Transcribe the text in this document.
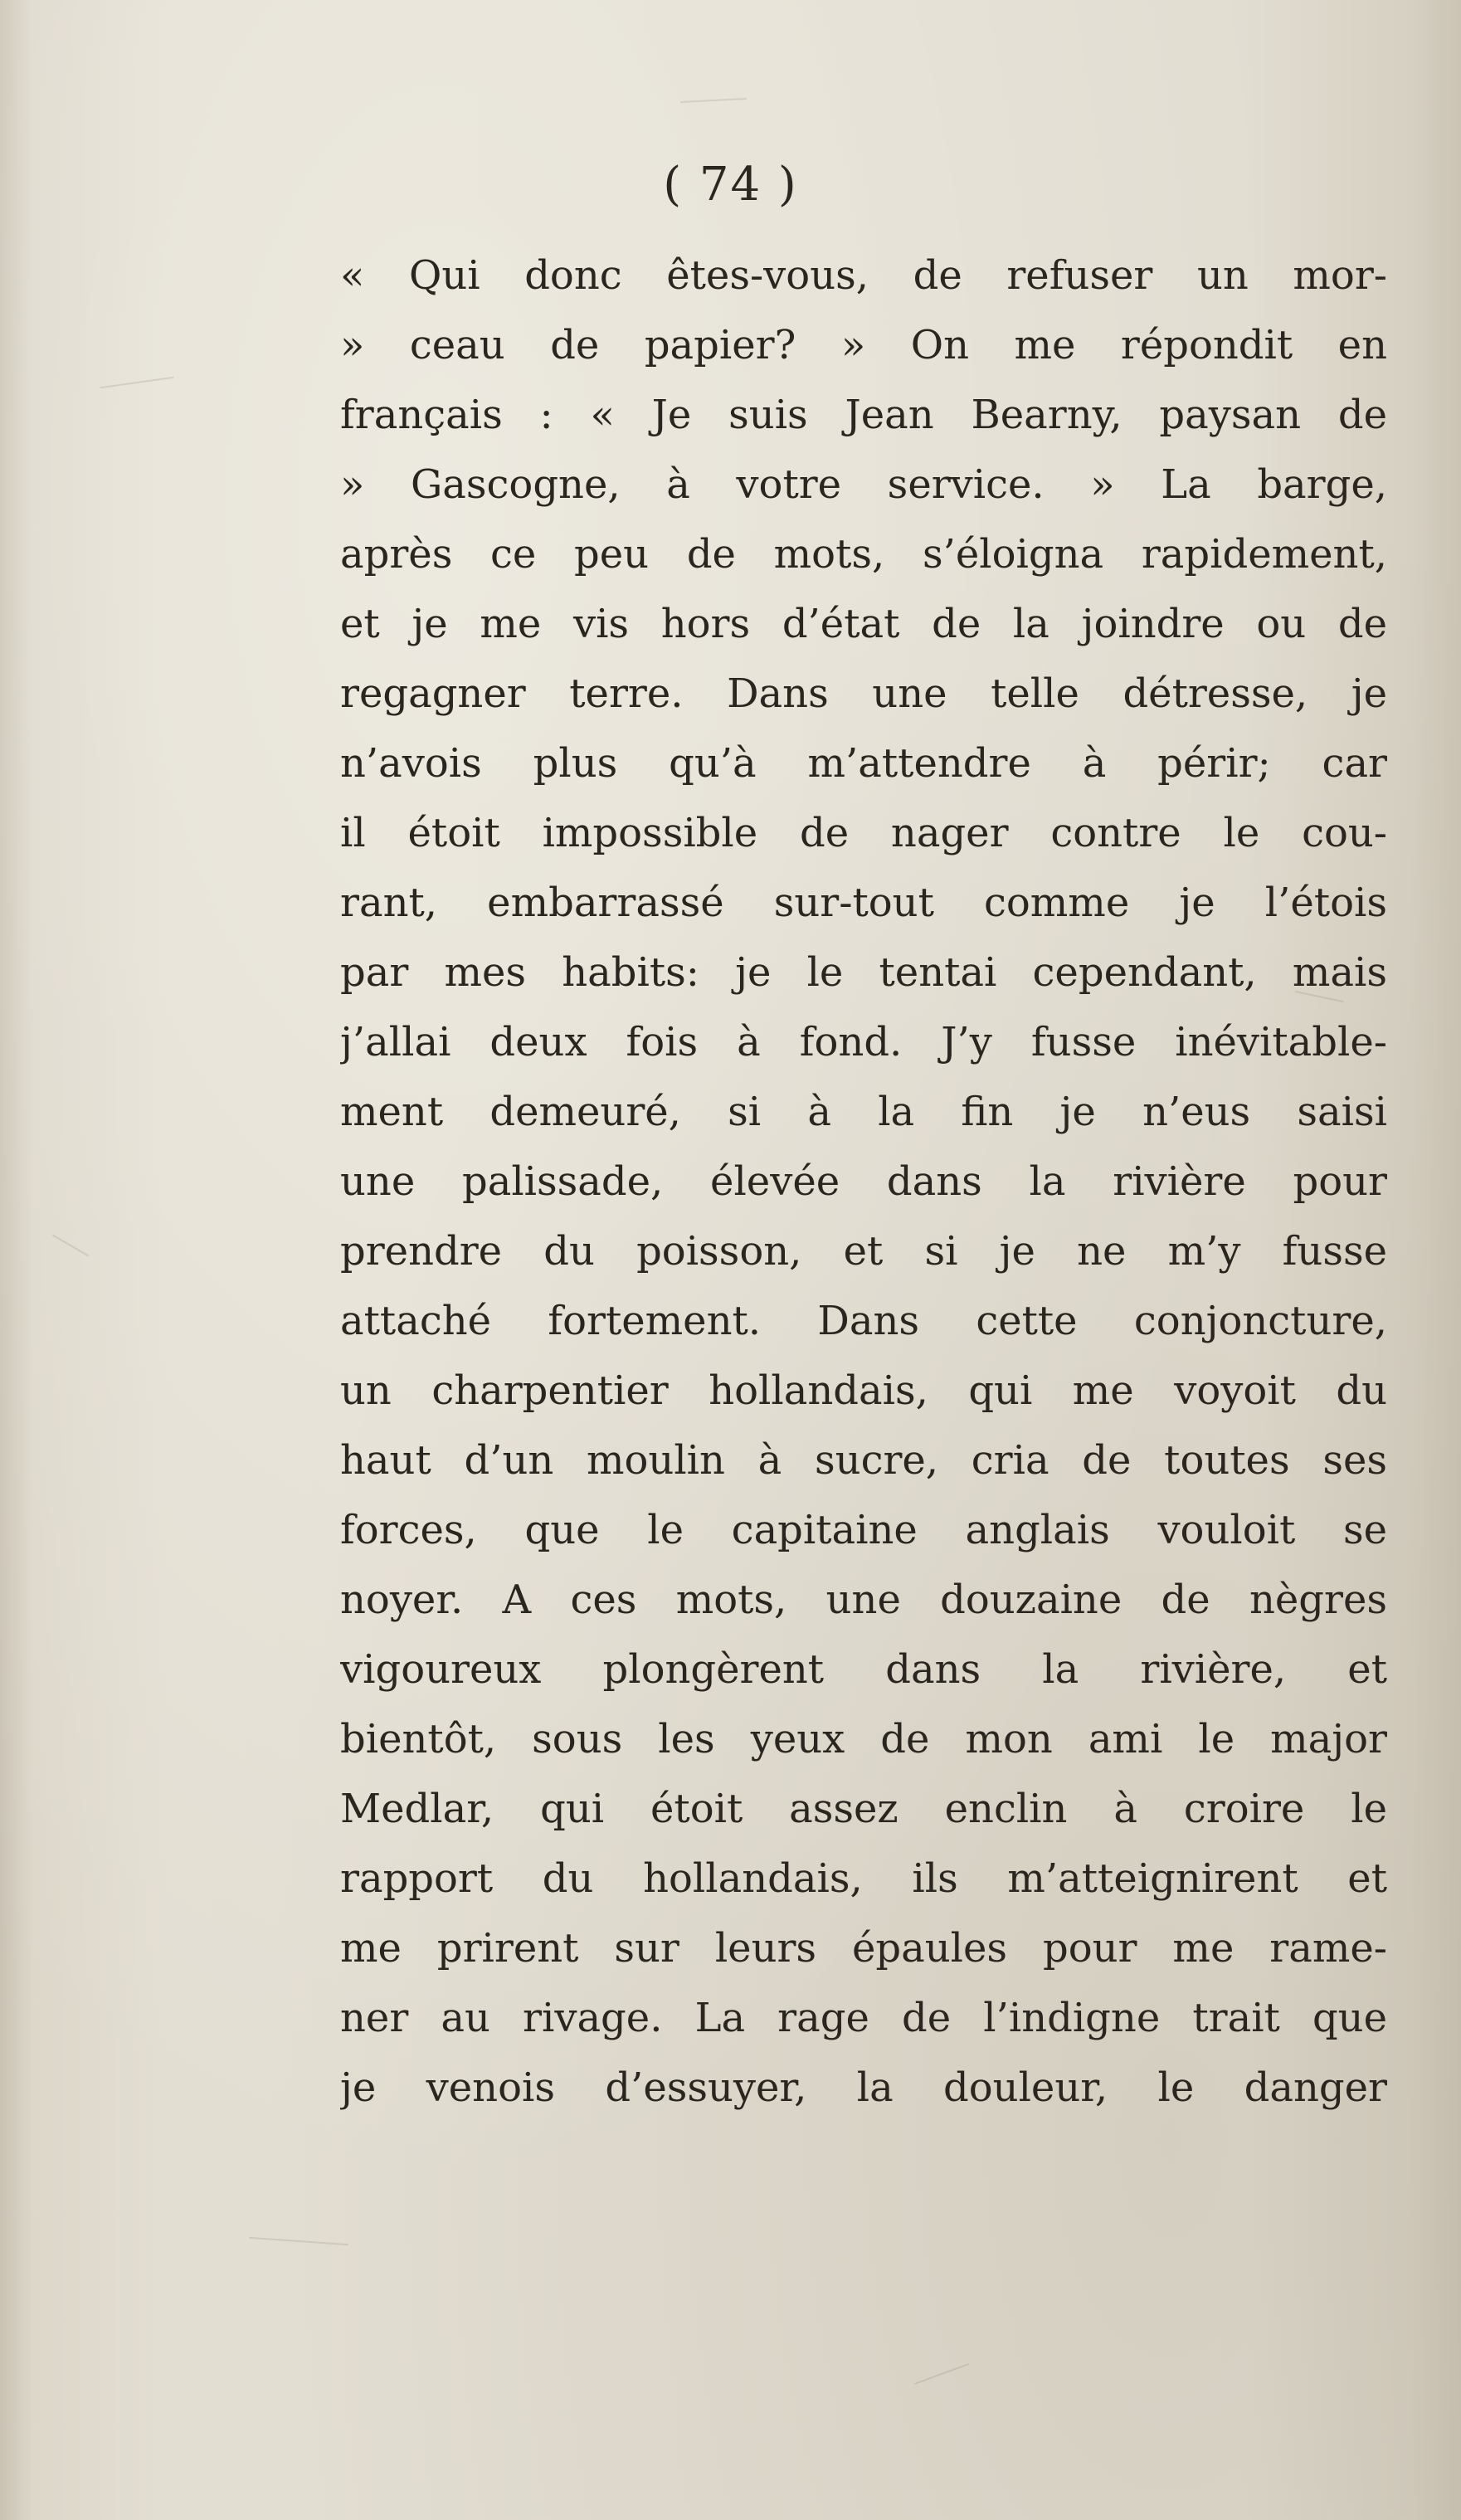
( 74 )
« Qui donc êtes-vous, de refuser un mor-
» ceau de papier? » On me répondit en
français : « Je suis Jean Bearny, paysan de
» Gascogne, à votre service. » La barge,
après ce peu de mots, s’éloigna rapidement,
et je me vis hors d’état de la joindre ou de
regagner terre. Dans une telle détresse, je
n’avois plus qu’à m’attendre à périr; car
il étoit impossible de nager contre le cou-
rant, embarrassé sur-tout comme je l’étois
par mes habits: je le tentai cependant, mais
j’allai deux fois à fond. J’y fusse inévitable-
ment demeuré, si à la fin je n’eus saisi
une palissade, élevée dans la rivière pour
prendre du poisson, et si je ne m’y fusse
attaché fortement. Dans cette conjoncture,
un charpentier hollandais, qui me voyoit du
haut d’un moulin à sucre, cria de toutes ses
forces, que le capitaine anglais vouloit se
noyer. A ces mots, une douzaine de nègres
vigoureux plongèrent dans la rivière, et
bientôt, sous les yeux de mon ami le major
Medlar, qui étoit assez enclin à croire le
rapport du hollandais, ils m’atteignirent et
me prirent sur leurs épaules pour me rame-
ner au rivage. La rage de l’indigne trait que
je venois d’essuyer, la douleur, le danger
